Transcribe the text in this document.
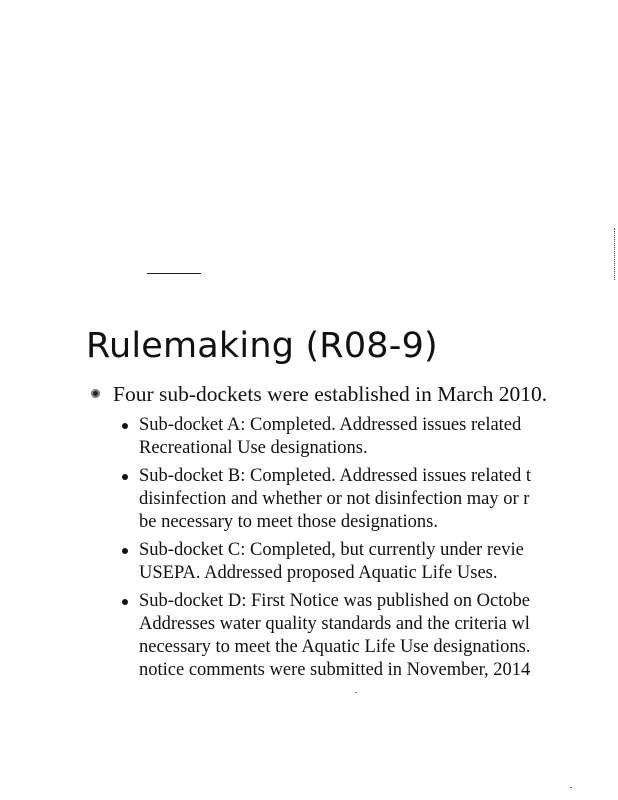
Rulemaking (R08-9)
Four sub-dockets were established in March 2010.
Sub-docket A: Completed. Addressed issues related
Recreational Use designations.
Sub-docket B: Completed. Addressed issues related t
disinfection and whether or not disinfection may or r
be necessary to meet those designations.
Sub-docket C: Completed, but currently under revie
USEPA. Addressed proposed Aquatic Life Uses.
Sub-docket D: First Notice was published on Octobe
Addresses water quality standards and the criteria wl
necessary to meet the Aquatic Life Use designations.
notice comments were submitted in November, 2014
